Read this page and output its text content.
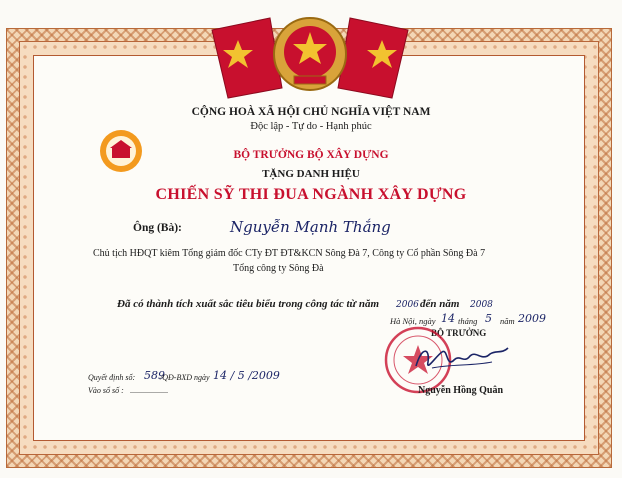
CỘNG HOÀ XÃ HỘI CHỦ NGHĨA VIỆT NAM
Độc lập - Tự do - Hạnh phúc
BỘ TRƯỞNG BỘ XÂY DỰNG
TẶNG DANH HIỆU
CHIẾN SỸ THI ĐUA NGÀNH XÂY DỰNG
Ông (Bà):	Nguyễn Mạnh Thắng
Chủ tịch HĐQT kiêm Tổng giám đốc CTy ĐT ĐT&KCN Sông Đà 7, Công ty Cổ phần Sông Đà 7
Tổng công ty Sông Đà
Đã có thành tích xuất sắc tiêu biểu trong công tác từ năm 2006 đến năm 2008
Hà Nội, ngày 14 tháng 5 năm 2009
BỘ TRƯỞNG
Nguyễn Hồng Quân
Quyết định số: 589
/QĐ-BXD ngày 14 / 5 /2009
Vào sổ số : ...................
